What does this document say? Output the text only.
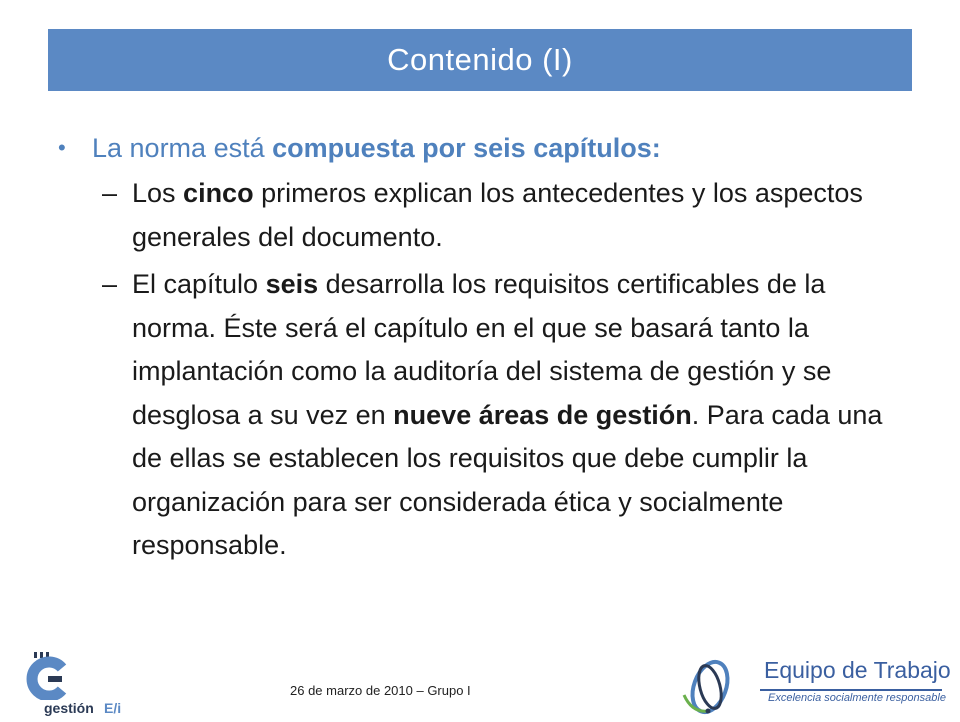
Contenido (I)
• La norma está compuesta por seis capítulos:
– Los cinco primeros explican los antecedentes y los aspectos generales del documento.
– El capítulo seis desarrolla los requisitos certificables de la norma. Éste será el capítulo en el que se basará tanto la implantación como la auditoría del sistema de gestión y se desglosa a su vez en nueve áreas de gestión. Para cada una de ellas se establecen los requisitos que debe cumplir la organización para ser considerada ética y socialmente responsable.
gestión E/i
26 de marzo de 2010 – Grupo I
Equipo de Trabajo
Excelencia socialmente responsable
